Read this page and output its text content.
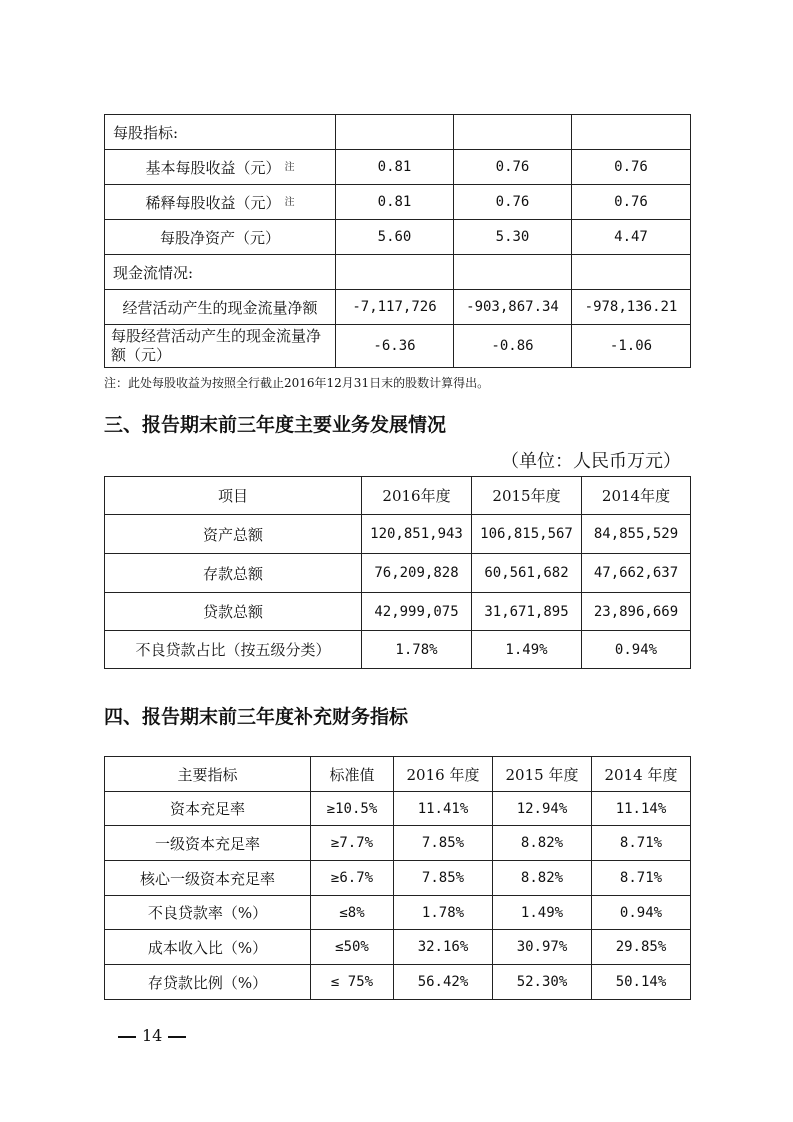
每股指标:			
基本每股收益（元） $^注$	0.81	0.76	0.76
稀释每股收益（元） $^注$	0.81	0.76	0.76
每股净资产（元）	5.60	5.30	4.47
现金流情况:			
经营活动产生的现金流量净额	-7,117,726	-903,867.34	-978,136.21
每股经营活动产生的现金流量净额（元）	-6.36	-0.86	-1.06
注：此处每股收益为按照全行截止2016年12月31日末的股数计算得出。
三、报告期末前三年度主要业务发展情况
（单位：人民币万元）
项目	2016年度	2015年度	2014年度
资产总额	120,851,943	106,815,567	84,855,529
存款总额	76,209,828	60,561,682	47,662,637
贷款总额	42,999,075	31,671,895	23,896,669
不良贷款占比（按五级分类）	1.78%	1.49%	0.94%
四、报告期末前三年度补充财务指标
主要指标	标准值	2016 年度	2015 年度	2014 年度
资本充足率	≥10.5%	11.41%	12.94%	11.14%
一级资本充足率	≥7.7%	7.85%	8.82%	8.71%
核心一级资本充足率	≥6.7%	7.85%	8.82%	8.71%
不良贷款率（%）	≤8%	1.78%	1.49%	0.94%
成本收入比（%）	≤50%	32.16%	30.97%	29.85%
存贷款比例（%）	≤ 75%	56.42%	52.30%	50.14%
14
